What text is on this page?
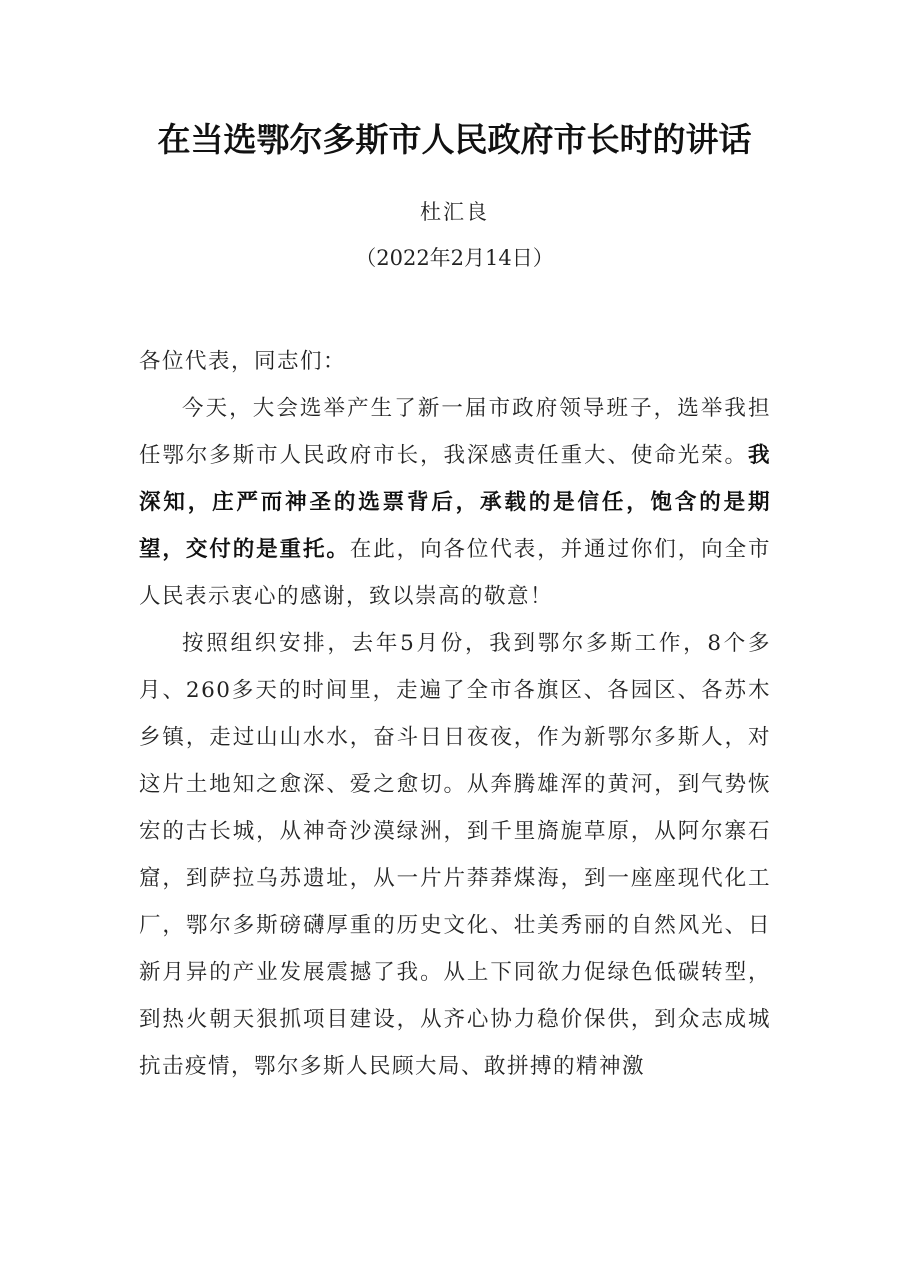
在当选鄂尔多斯市人民政府市长时的讲话
杜汇良
（2022年2月14日）

各位代表，同志们：

今天，大会选举产生了新一届市政府领导班子，选举我担任鄂尔多斯市人民政府市长，我深感责任重大、使命光荣。我深知，庄严而神圣的选票背后，承载的是信任，饱含的是期望，交付的是重托。在此，向各位代表，并通过你们，向全市人民表示衷心的感谢，致以崇高的敬意！

按照组织安排，去年5月份，我到鄂尔多斯工作，8个多月、260多天的时间里，走遍了全市各旗区、各园区、各苏木乡镇，走过山山水水，奋斗日日夜夜，作为新鄂尔多斯人，对这片土地知之愈深、爱之愈切。从奔腾雄浑的黄河，到气势恢宏的古长城，从神奇沙漠绿洲，到千里旖旎草原，从阿尔寨石窟，到萨拉乌苏遗址，从一片片莽莽煤海，到一座座现代化工厂，鄂尔多斯磅礴厚重的历史文化、壮美秀丽的自然风光、日新月异的产业发展震撼了我。从上下同欲力促绿色低碳转型，到热火朝天狠抓项目建设，从齐心协力稳价保供，到众志成城抗击疫情，鄂尔多斯人民顾大局、敢拼搏的精神激
